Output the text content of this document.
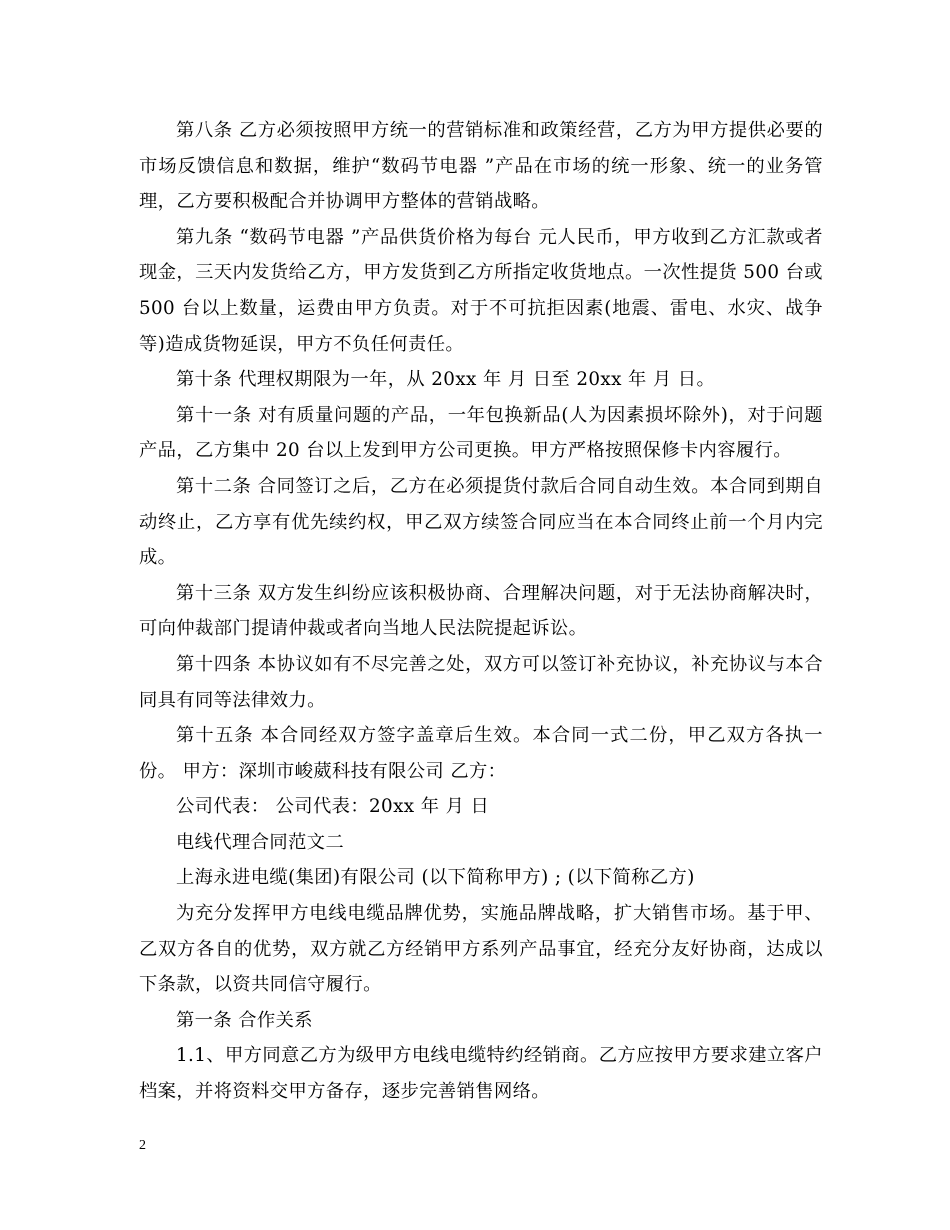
第八条 乙方必须按照甲方统一的营销标准和政策经营，乙方为甲方提供必要的市场反馈信息和数据，维护“数码节电器 ”产品在市场的统一形象、统一的业务管理，乙方要积极配合并协调甲方整体的营销战略。

第九条 “数码节电器 ”产品供货价格为每台 元人民币，甲方收到乙方汇款或者现金，三天内发货给乙方，甲方发货到乙方所指定收货地点。一次性提货 500 台或 500 台以上数量，运费由甲方负责。对于不可抗拒因素(地震、雷电、水灾、战争等)造成货物延误，甲方不负任何责任。

第十条 代理权期限为一年，从 20xx 年 月 日至 20xx 年 月 日。

第十一条 对有质量问题的产品，一年包换新品(人为因素损坏除外)，对于问题产品，乙方集中 20 台以上发到甲方公司更换。甲方严格按照保修卡内容履行。

第十二条 合同签订之后，乙方在必须提货付款后合同自动生效。本合同到期自动终止，乙方享有优先续约权，甲乙双方续签合同应当在本合同终止前一个月内完成。

第十三条 双方发生纠纷应该积极协商、合理解决问题，对于无法协商解决时，可向仲裁部门提请仲裁或者向当地人民法院提起诉讼。

第十四条 本协议如有不尽完善之处，双方可以签订补充协议，补充协议与本合同具有同等法律效力。

第十五条 本合同经双方签字盖章后生效。本合同一式二份，甲乙双方各执一份。 甲方：深圳市峻葳科技有限公司 乙方：

公司代表： 公司代表：20xx 年 月 日

电线代理合同范文二

上海永进电缆(集团)有限公司 (以下简称甲方) ; (以下简称乙方)

为充分发挥甲方电线电缆品牌优势，实施品牌战略，扩大销售市场。基于甲、乙双方各自的优势，双方就乙方经销甲方系列产品事宜，经充分友好协商，达成以下条款，以资共同信守履行。

第一条 合作关系

1.1、甲方同意乙方为级甲方电线电缆特约经销商。乙方应按甲方要求建立客户档案，并将资料交甲方备存，逐步完善销售网络。

2
